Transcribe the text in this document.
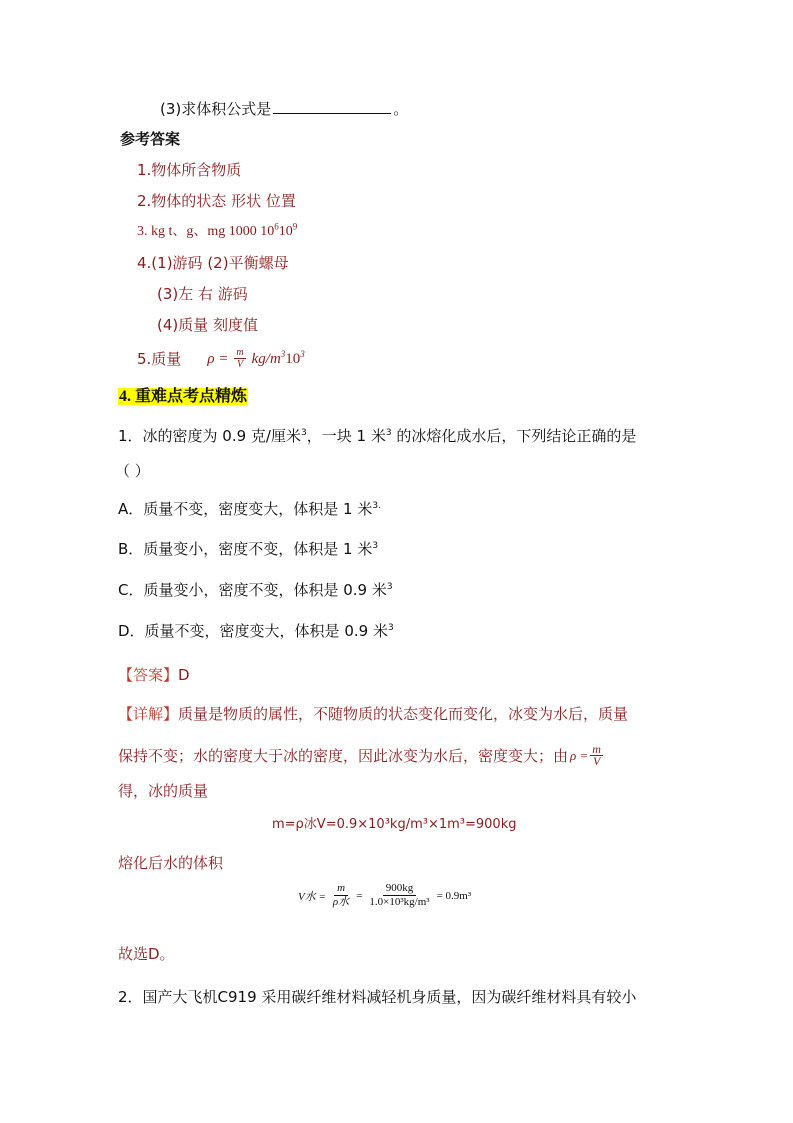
(3)求体积公式是	。
参考答案
1.物体所含物质
2.物体的状态 形状 位置
3. kg t、g、mg 1000 $10^610^9$
4.(1)游码 (2)平衡螺母
(3)左 右 游码
(4)质量 刻度值
5.质量 $\rho = \frac{m}{V} kg/m^310^3$
4. 重难点考点精炼
1．冰的密度为 0.9 克/厘米$^3$，一块 1 米$^3$ 的冰熔化成水后，下列结论正确的是
（ ）
A．质量不变，密度变大，体积是 1 米$^{3.}$
B．质量变小，密度不变，体积是 1 米$^3$
C．质量变小，密度不变，体积是 0.9 米$^3$
D．质量不变，密度变大，体积是 0.9 米$^3$
【答案】D
【详解】质量是物质的属性，不随物质的状态变化而变化，冰变为水后，质量
保持不变；水的密度大于冰的密度，因此冰变为水后，密度变大；由 $\rho = \frac{m}{V}$
得，冰的质量
m=ρ冰V=0.9×10³kg/m³×1m³=900kg
熔化后水的体积
V水 =
m
ρ水
= $\frac{900kg}{\text{1.0×10³kg/m³}} = 0.9m^3$
故选D。
2．国产大飞机C919 采用碳纤维材料减轻机身质量，因为碳纤维材料具有较小
